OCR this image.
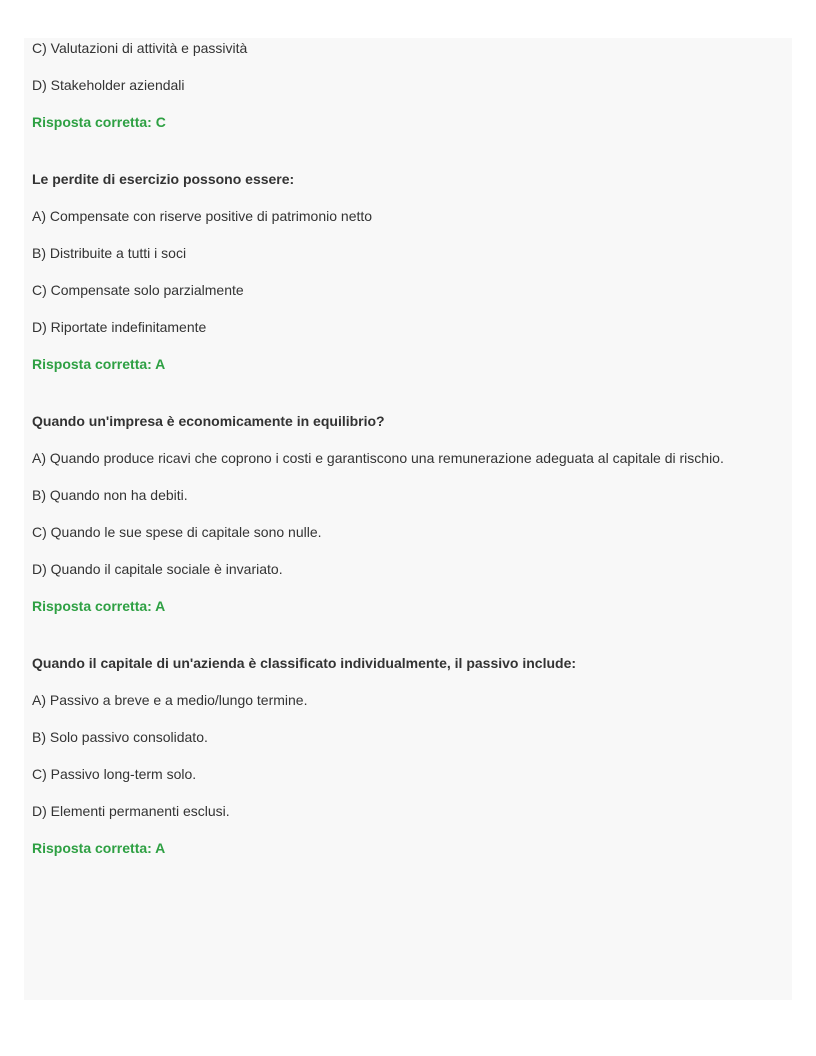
C) Valutazioni di attività e passività

D) Stakeholder aziendali

Risposta corretta: C

Le perdite di esercizio possono essere:

A) Compensate con riserve positive di patrimonio netto

B) Distribuite a tutti i soci

C) Compensate solo parzialmente

D) Riportate indefinitamente

Risposta corretta: A

Quando un'impresa è economicamente in equilibrio?

A) Quando produce ricavi che coprono i costi e garantiscono una remunerazione adeguata al capitale di rischio.

B) Quando non ha debiti.

C) Quando le sue spese di capitale sono nulle.

D) Quando il capitale sociale è invariato.

Risposta corretta: A

Quando il capitale di un'azienda è classificato individualmente, il passivo include:

A) Passivo a breve e a medio/lungo termine.

B) Solo passivo consolidato.

C) Passivo long-term solo.

D) Elementi permanenti esclusi.

Risposta corretta: A
